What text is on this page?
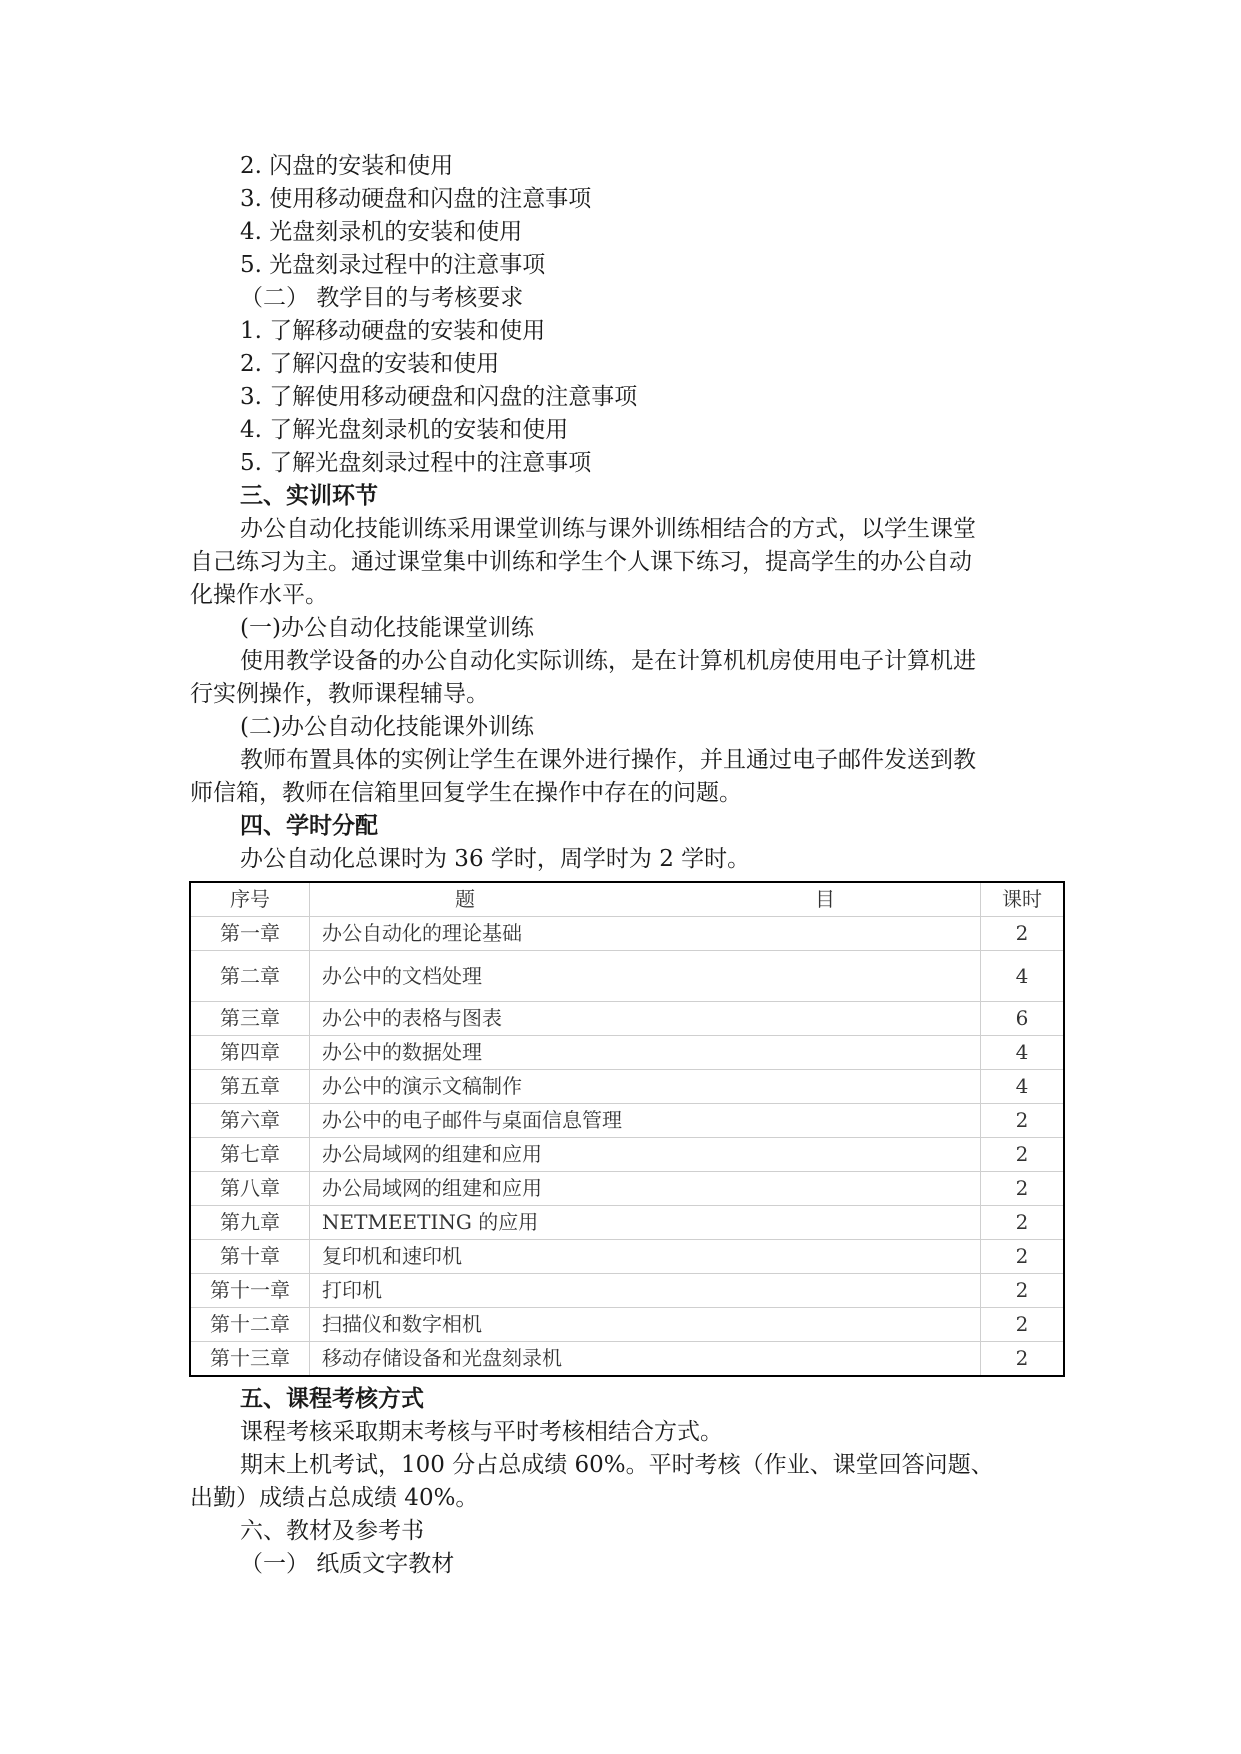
2. 闪盘的安装和使用

3. 使用移动硬盘和闪盘的注意事项

4. 光盘刻录机的安装和使用

5. 光盘刻录过程中的注意事项

（二） 教学目的与考核要求

1. 了解移动硬盘的安装和使用

2. 了解闪盘的安装和使用

3. 了解使用移动硬盘和闪盘的注意事项

4. 了解光盘刻录机的安装和使用

5. 了解光盘刻录过程中的注意事项

三、实训环节

办公自动化技能训练采用课堂训练与课外训练相结合的方式，以学生课堂

自己练习为主。通过课堂集中训练和学生个人课下练习，提高学生的办公自动

化操作水平。

(一)办公自动化技能课堂训练

使用教学设备的办公自动化实际训练，是在计算机机房使用电子计算机进

行实例操作，教师课程辅导。

(二)办公自动化技能课外训练

教师布置具体的实例让学生在课外进行操作，并且通过电子邮件发送到教

师信箱，教师在信箱里回复学生在操作中存在的问题。

四、学时分配

办公自动化总课时为 36 学时，周学时为 2 学时。

序号	题 目	课时
第一章	办公自动化的理论基础	2
第二章	办公中的文档处理	4
第三章	办公中的表格与图表	6
第四章	办公中的数据处理	4
第五章	办公中的演示文稿制作	4
第六章	办公中的电子邮件与桌面信息管理	2
第七章	办公局域网的组建和应用	2
第八章	办公局域网的组建和应用	2
第九章	NETMEETING 的应用	2
第十章	复印机和速印机	2
第十一章	打印机	2
第十二章	扫描仪和数字相机	2
第十三章	移动存储设备和光盘刻录机	2

五、课程考核方式

课程考核采取期末考核与平时考核相结合方式。

期末上机考试，100 分占总成绩 60%。平时考核（作业、课堂回答问题、

出勤）成绩占总成绩 40%。

六、教材及参考书

（一） 纸质文字教材
